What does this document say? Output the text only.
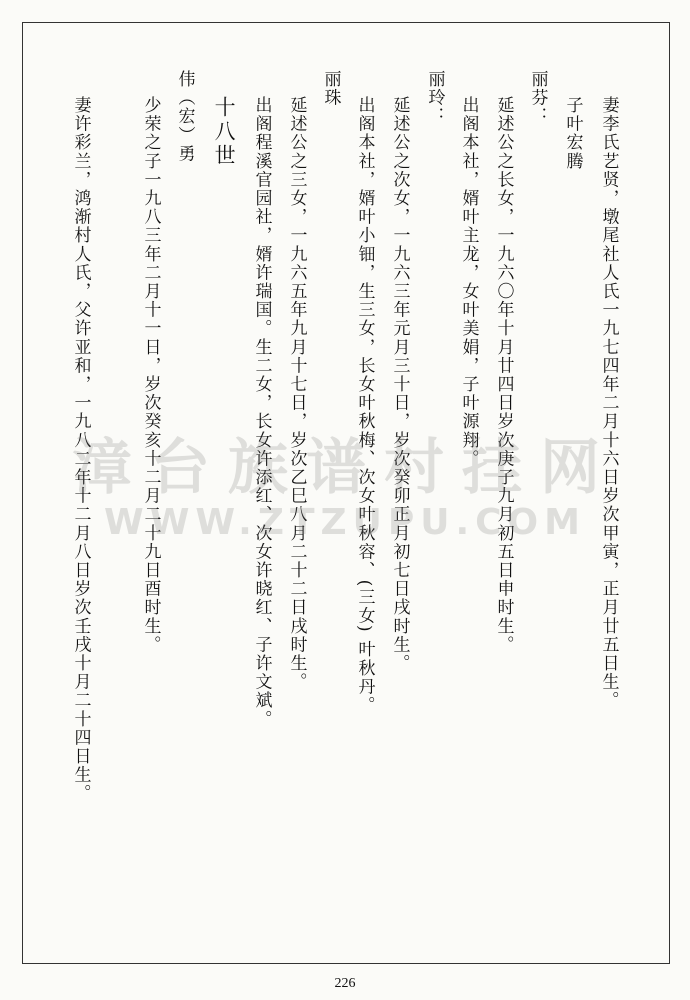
妻李氏艺贤，墩尾社人氏一九七四年二月十六日岁次甲寅，正月廿五日生。
子叶宏腾
丽芬：
延述公之长女，一九六〇年十月廿四日岁次庚子九月初五日申时生。
出阁本社，婿叶主龙，女叶美娟，子叶源翔。
丽玲：
延述公之次女，一九六三年元月三十日，岁次癸卯正月初七日戌时生。
出阁本社，婿叶小钿，生三女，长女叶秋梅、次女叶秋容、(三女) 叶秋丹。
丽珠
延述公之三女，一九六五年九月十七日，岁次乙巳八月二十二日戌时生。
出阁程溪官园社，婿许瑞国。生二女，长女许添红、次女许晓红、子许文斌。
十八世
伟（宏）勇
少荣之子一九八三年二月十一日，岁次癸亥十二月二十九日酉时生。
妻许彩兰，鸿渐村人氏，父许亚和，一九八二年十二月八日岁次壬戌十月二十四日生。
漳台族谱村挂网
WWW.ZTZUPU.COM
226
